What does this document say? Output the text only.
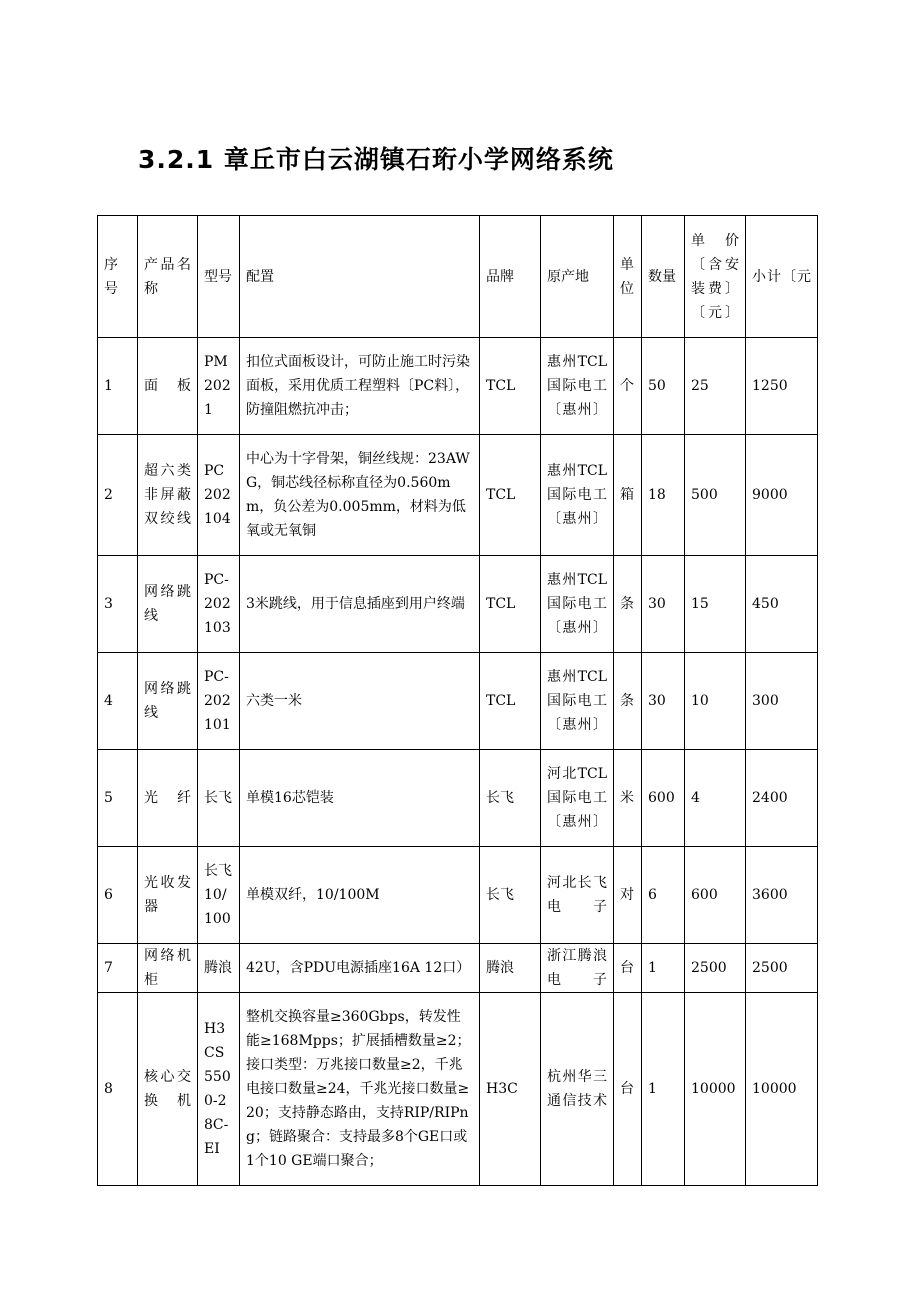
3.2.1 章丘市白云湖镇石珩小学网络系统
序号	产品名称	型号	配置	品牌	原产地	单位	数量	单价〔含安装费〕〔元〕	小计〔元
1	面板	PM2021	扣位式面板设计，可防止施工时污染面板，采用优质工程塑料〔PC料〕，防撞阻燃抗冲击；	TCL	惠州TCL国际电工〔惠州〕	个	50	25	1250
2	超六类非屏蔽双绞线	PC202104	中心为十字骨架，铜丝线规：23AWG，铜芯线径标称直径为0.560mm，负公差为0.005mm，材料为低氧或无氧铜	TCL	惠州TCL国际电工〔惠州〕	箱	18	500	9000
3	网络跳线	PC-202103	3米跳线，用于信息插座到用户终端	TCL	惠州TCL国际电工〔惠州〕	条	30	15	450
4	网络跳线	PC-202101	六类一米	TCL	惠州TCL国际电工〔惠州〕	条	30	10	300
5	光纤	长飞	单模16芯铠装	长飞	河北TCL国际电工〔惠州〕	米	600	4	2400
6	光收发器	长飞10/100	单模双纤，10/100M	长飞	河北长飞电子	对	6	600	3600
7	网络机柜	腾浪	42U，含PDU电源插座16A 12口）	腾浪	浙江腾浪电子	台	1	2500	2500
8	核心交换机	H3CS5500-28C-EI	整机交换容量≥360Gbps，转发性能≥168Mpps；扩展插槽数量≥2；接口类型：万兆接口数量≥2，千兆电接口数量≥24，千兆光接口数量≥20；支持静态路由，支持RIP/RIPng；链路聚合：支持最多8个GE口或1个10 GE端口聚合；	H3C	杭州华三通信技术	台	1	10000	10000
